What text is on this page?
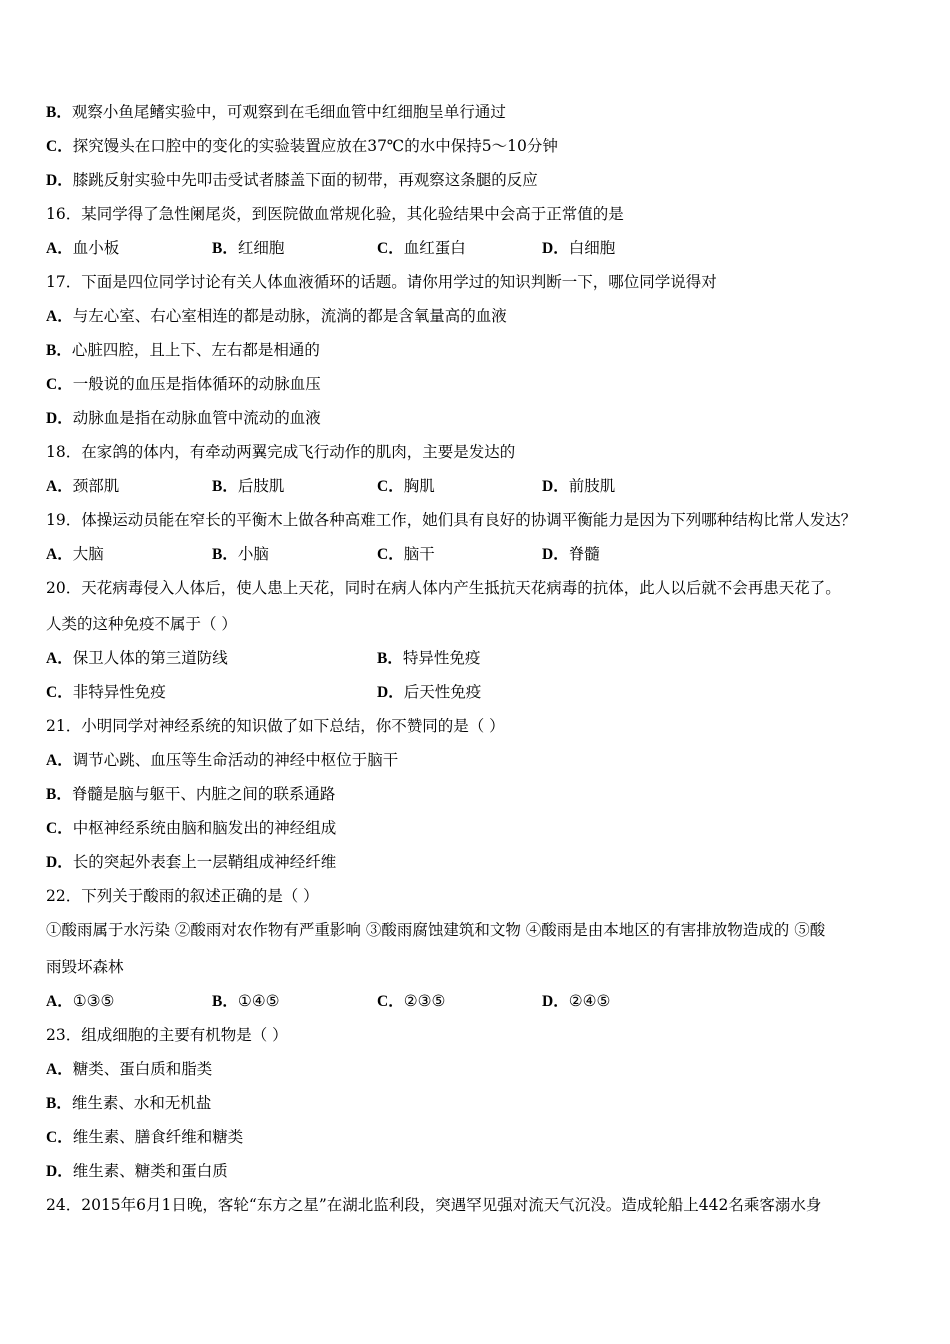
B．观察小鱼尾鳍实验中，可观察到在毛细血管中红细胞呈单行通过
C．探究馒头在口腔中的变化的实验装置应放在37℃的水中保持5～10分钟
D．膝跳反射实验中先叩击受试者膝盖下面的韧带，再观察这条腿的反应
16．某同学得了急性阑尾炎，到医院做血常规化验，其化验结果中会高于正常值的是
A．血小板	B．红细胞	C．血红蛋白	D．白细胞
17．下面是四位同学讨论有关人体血液循环的话题。请你用学过的知识判断一下，哪位同学说得对
A．与左心室、右心室相连的都是动脉，流淌的都是含氧量高的血液
B．心脏四腔，且上下、左右都是相通的
C．一般说的血压是指体循环的动脉血压
D．动脉血是指在动脉血管中流动的血液
18．在家鸽的体内，有牵动两翼完成飞行动作的肌肉，主要是发达的
A．颈部肌	B．后肢肌	C．胸肌	D．前肢肌
19．体操运动员能在窄长的平衡木上做各种高难工作，她们具有良好的协调平衡能力是因为下列哪种结构比常人发达？
A．大脑	B．小脑	C．脑干	D．脊髓
20．天花病毒侵入人体后，使人患上天花，同时在病人体内产生抵抗天花病毒的抗体，此人以后就不会再患天花了。
人类的这种免疫不属于（ ）
A．保卫人体的第三道防线	B．特异性免疫
C．非特异性免疫	D．后天性免疫
21．小明同学对神经系统的知识做了如下总结，你不赞同的是（ ）
A．调节心跳、血压等生命活动的神经中枢位于脑干
B．脊髓是脑与躯干、内脏之间的联系通路
C．中枢神经系统由脑和脑发出的神经组成
D．长的突起外表套上一层鞘组成神经纤维
22．下列关于酸雨的叙述正确的是（ ）
①酸雨属于水污染 ②酸雨对农作物有严重影响 ③酸雨腐蚀建筑和文物 ④酸雨是由本地区的有害排放物造成的 ⑤酸
雨毁坏森林
A．①③⑤	B．①④⑤	C．②③⑤	D．②④⑤
23．组成细胞的主要有机物是（ ）
A．糖类、蛋白质和脂类
B．维生素、水和无机盐
C．维生素、膳食纤维和糖类
D．维生素、糖类和蛋白质
24．2015年6月1日晚，客轮“东方之星”在湖北监利段，突遇罕见强对流天气沉没。造成轮船上442名乘客溺水身
